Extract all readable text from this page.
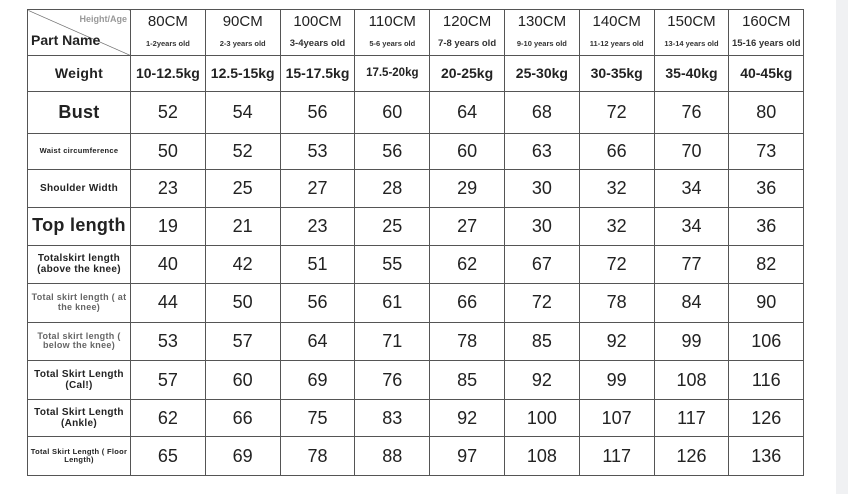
Height/Age
Part Name	80CM	90CM	100CM	110CM	120CM	130CM	140CM	150CM	160CM
	1-2years old	2-3 years old	3-4years old	5-6 years old	7-8 years old	9-10 years old	11-12 years old	13-14 years old	15-16 years old
Weight	10-12.5kg	12.5-15kg	15-17.5kg	17.5-20kg	20-25kg	25-30kg	30-35kg	35-40kg	40-45kg
Bust	52	54	56	60	64	68	72	76	80
Waist circumference	50	52	53	56	60	63	66	70	73
Shoulder Width	23	25	27	28	29	30	32	34	36
Top length	19	21	23	25	27	30	32	34	36
Totalskirt length (above the knee)	40	42	51	55	62	67	72	77	82
Total skirt length ( at the knee)	44	50	56	61	66	72	78	84	90
Total skirt length ( below the knee)	53	57	64	71	78	85	92	99	106
Total Skirt Length (Cal!)	57	60	69	76	85	92	99	108	116
Total Skirt Length (Ankle)	62	66	75	83	92	100	107	117	126
Total Skirt Length ( Floor Length)	65	69	78	88	97	108	117	126	136
